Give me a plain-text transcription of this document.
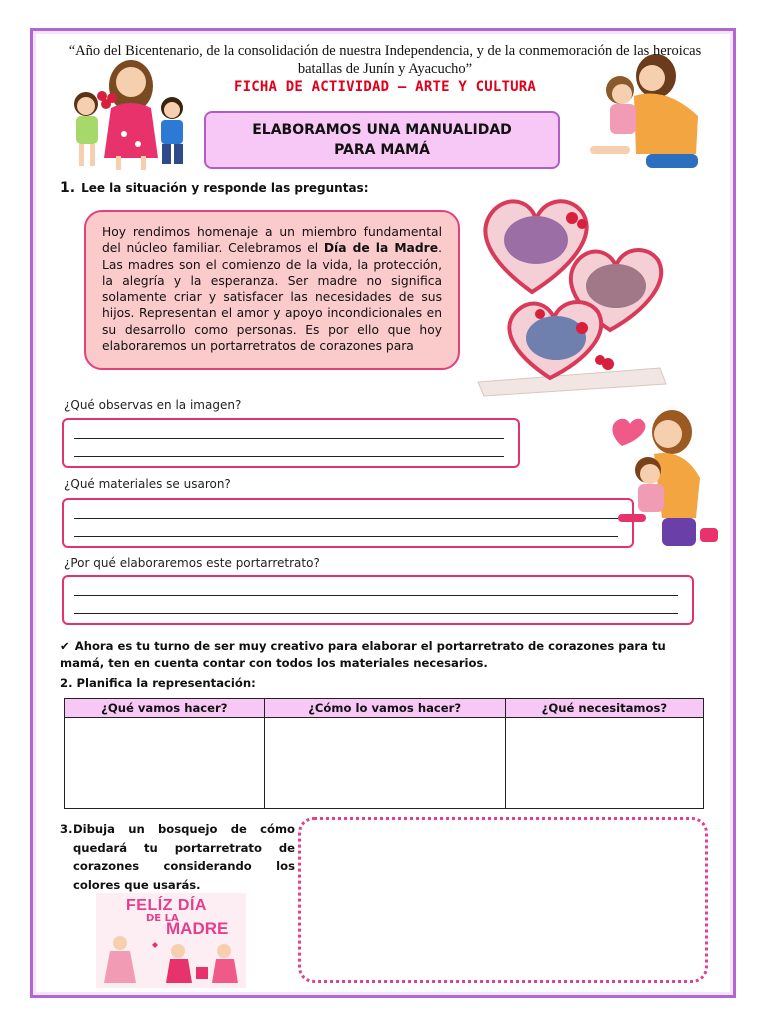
“Año del Bicentenario, de la consolidación de nuestra Independencia, y de la conmemoración de las heroicas batallas de Junín y Ayacucho”
FICHA DE ACTIVIDAD – ARTE Y CULTURA
ELABORAMOS UNA MANUALIDAD PARA MAMÁ
1. Lee la situación y responde las preguntas:
Hoy rendimos homenaje a un miembro fundamental del núcleo familiar. Celebramos el Día de la Madre. Las madres son el comienzo de la vida, la protección, la alegría y la esperanza. Ser madre no significa solamente criar y satisfacer las necesidades de sus hijos. Representan el amor y apoyo incondicionales en su desarrollo como personas. Es por ello que hoy elaboraremos un portarretratos de corazones para
¿Qué observas en la imagen?
¿Qué materiales se usaron?
¿Por qué elaboraremos este portarretrato?
✔ Ahora es tu turno de ser muy creativo para elaborar el portarretrato de corazones para tu mamá, ten en cuenta contar con todos los materiales necesarios.
2. Planifica la representación:
¿Qué vamos hacer?	¿Cómo lo vamos hacer?	¿Qué necesitamos?

3. Dibuja un bosquejo de cómo quedará tu portarretrato de corazones considerando los colores que usarás.
FELÍZ DÍA
DE LA
MADRE
